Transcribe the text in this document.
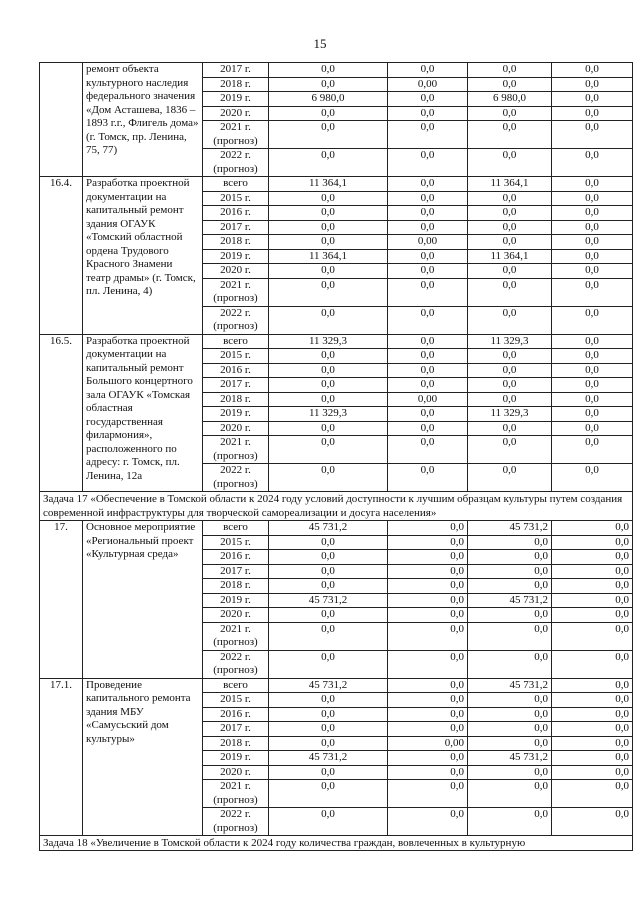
15
	ремонт объекта культурного наследия федерального значения «Дом Асташева, 1836 – 1893 г.г., Флигель дома» (г. Томск, пр. Ленина, 75, 77)	2017 г.	0,0	0,0	0,0	0,0
		2018 г.	0,0	0,00	0,0	0,0
		2019 г.	6 980,0	0,0	6 980,0	0,0
		2020 г.	0,0	0,0	0,0	0,0
		2021 г. (прогноз)	0,0	0,0	0,0	0,0
		2022 г. (прогноз)	0,0	0,0	0,0	0,0
16.4.	Разработка проектной документации на капитальный ремонт здания ОГАУК «Томский областной ордена Трудового Красного Знамени театр драмы» (г. Томск, пл. Ленина, 4)	всего	11 364,1	0,0	11 364,1	0,0
		2015 г.	0,0	0,0	0,0	0,0
		2016 г.	0,0	0,0	0,0	0,0
		2017 г.	0,0	0,0	0,0	0,0
		2018 г.	0,0	0,00	0,0	0,0
		2019 г.	11 364,1	0,0	11 364,1	0,0
		2020 г.	0,0	0,0	0,0	0,0
		2021 г. (прогноз)	0,0	0,0	0,0	0,0
		2022 г. (прогноз)	0,0	0,0	0,0	0,0
16.5.	Разработка проектной документации на капитальный ремонт Большого концертного зала ОГАУК «Томская областная государственная филармония», расположенного по адресу: г. Томск, пл. Ленина, 12а	всего	11 329,3	0,0	11 329,3	0,0
		2015 г.	0,0	0,0	0,0	0,0
		2016 г.	0,0	0,0	0,0	0,0
		2017 г.	0,0	0,0	0,0	0,0
		2018 г.	0,0	0,00	0,0	0,0
		2019 г.	11 329,3	0,0	11 329,3	0,0
		2020 г.	0,0	0,0	0,0	0,0
		2021 г. (прогноз)	0,0	0,0	0,0	0,0
		2022 г. (прогноз)	0,0	0,0	0,0	0,0
Задача 17 «Обеспечение в Томской области к 2024 году условий доступности к лучшим образцам культуры путем создания современной инфраструктуры для творческой самореализации и досуга населения»						
17.	Основное мероприятие «Региональный проект «Культурная среда»	всего	45 731,2	0,0	45 731,2	0,0
		2015 г.	0,0	0,0	0,0	0,0
		2016 г.	0,0	0,0	0,0	0,0
		2017 г.	0,0	0,0	0,0	0,0
		2018 г.	0,0	0,0	0,0	0,0
		2019 г.	45 731,2	0,0	45 731,2	0,0
		2020 г.	0,0	0,0	0,0	0,0
		2021 г. (прогноз)	0,0	0,0	0,0	0,0
		2022 г. (прогноз)	0,0	0,0	0,0	0,0
17.1.	Проведение капитального ремонта здания МБУ «Самусьский дом культуры»	всего	45 731,2	0,0	45 731,2	0,0
		2015 г.	0,0	0,0	0,0	0,0
		2016 г.	0,0	0,0	0,0	0,0
		2017 г.	0,0	0,0	0,0	0,0
		2018 г.	0,0	0,00	0,0	0,0
		2019 г.	45 731,2	0,0	45 731,2	0,0
		2020 г.	0,0	0,0	0,0	0,0
		2021 г. (прогноз)	0,0	0,0	0,0	0,0
		2022 г. (прогноз)	0,0	0,0	0,0	0,0
Задача 18 «Увеличение в Томской области к 2024 году количества граждан, вовлеченных в культурную						
